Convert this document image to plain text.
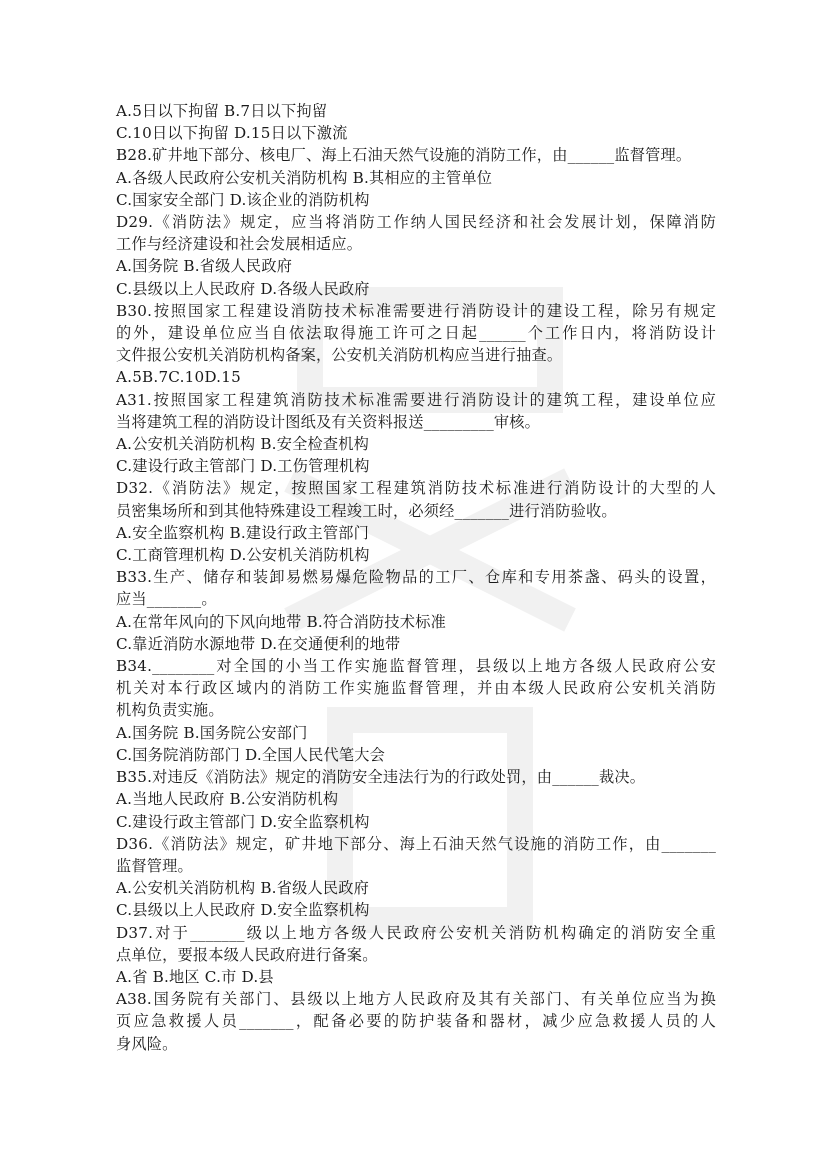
A.5日以下拘留 B.7日以下拘留
C.10日以下拘留 D.15日以下激流
B28.矿井地下部分、核电厂、海上石油天然气设施的消防工作，由______监督管理。
A.各级人民政府公安机关消防机构 B.其相应的主管单位
C.国家安全部门 D.该企业的消防机构
D29.《消防法》规定，应当将消防工作纳人国民经济和社会发展计划，保障消防
工作与经济建设和社会发展相适应。
A.国务院 B.省级人民政府
C.县级以上人民政府 D.各级人民政府
B30.按照国家工程建设消防技术标准需要进行消防设计的建设工程，除另有规定
的外，建设单位应当自依法取得施工许可之日起______个工作日内，将消防设计
文件报公安机关消防机构备案，公安机关消防机构应当进行抽查。
A.5B.7C.10D.15
A31.按照国家工程建筑消防技术标准需要进行消防设计的建筑工程，建设单位应
当将建筑工程的消防设计图纸及有关资料报送_________审核。
A.公安机关消防机构 B.安全检查机构
C.建设行政主管部门 D.工伤管理机构
D32.《消防法》规定，按照国家工程建筑消防技术标准进行消防设计的大型的人
员密集场所和到其他特殊建设工程竣工时，必须经_______进行消防验收。
A.安全监察机构 B.建设行政主管部门
C.工商管理机构 D.公安机关消防机构
B33.生产、储存和装卸易燃易爆危险物品的工厂、仓库和专用茶盏、码头的设置，
应当_______。
A.在常年风向的下风向地带 B.符合消防技术标准
C.靠近消防水源地带 D.在交通便利的地带
B34.________对全国的小当工作实施监督管理，县级以上地方各级人民政府公安
机关对本行政区域内的消防工作实施监督管理，并由本级人民政府公安机关消防
机构负责实施。
A.国务院 B.国务院公安部门
C.国务院消防部门 D.全国人民代笔大会
B35.对违反《消防法》规定的消防安全违法行为的行政处罚，由______裁决。
A.当地人民政府 B.公安消防机构
C.建设行政主管部门 D.安全监察机构
D36.《消防法》规定，矿井地下部分、海上石油天然气设施的消防工作，由_______
监督管理。
A.公安机关消防机构 B.省级人民政府
C.县级以上人民政府 D.安全监察机构
D37.对于_______级以上地方各级人民政府公安机关消防机构确定的消防安全重
点单位，要报本级人民政府进行备案。
A.省 B.地区 C.市 D.县
A38.国务院有关部门、县级以上地方人民政府及其有关部门、有关单位应当为换
页应急救援人员_______，配备必要的防护装备和器材，减少应急救援人员的人
身风险。
